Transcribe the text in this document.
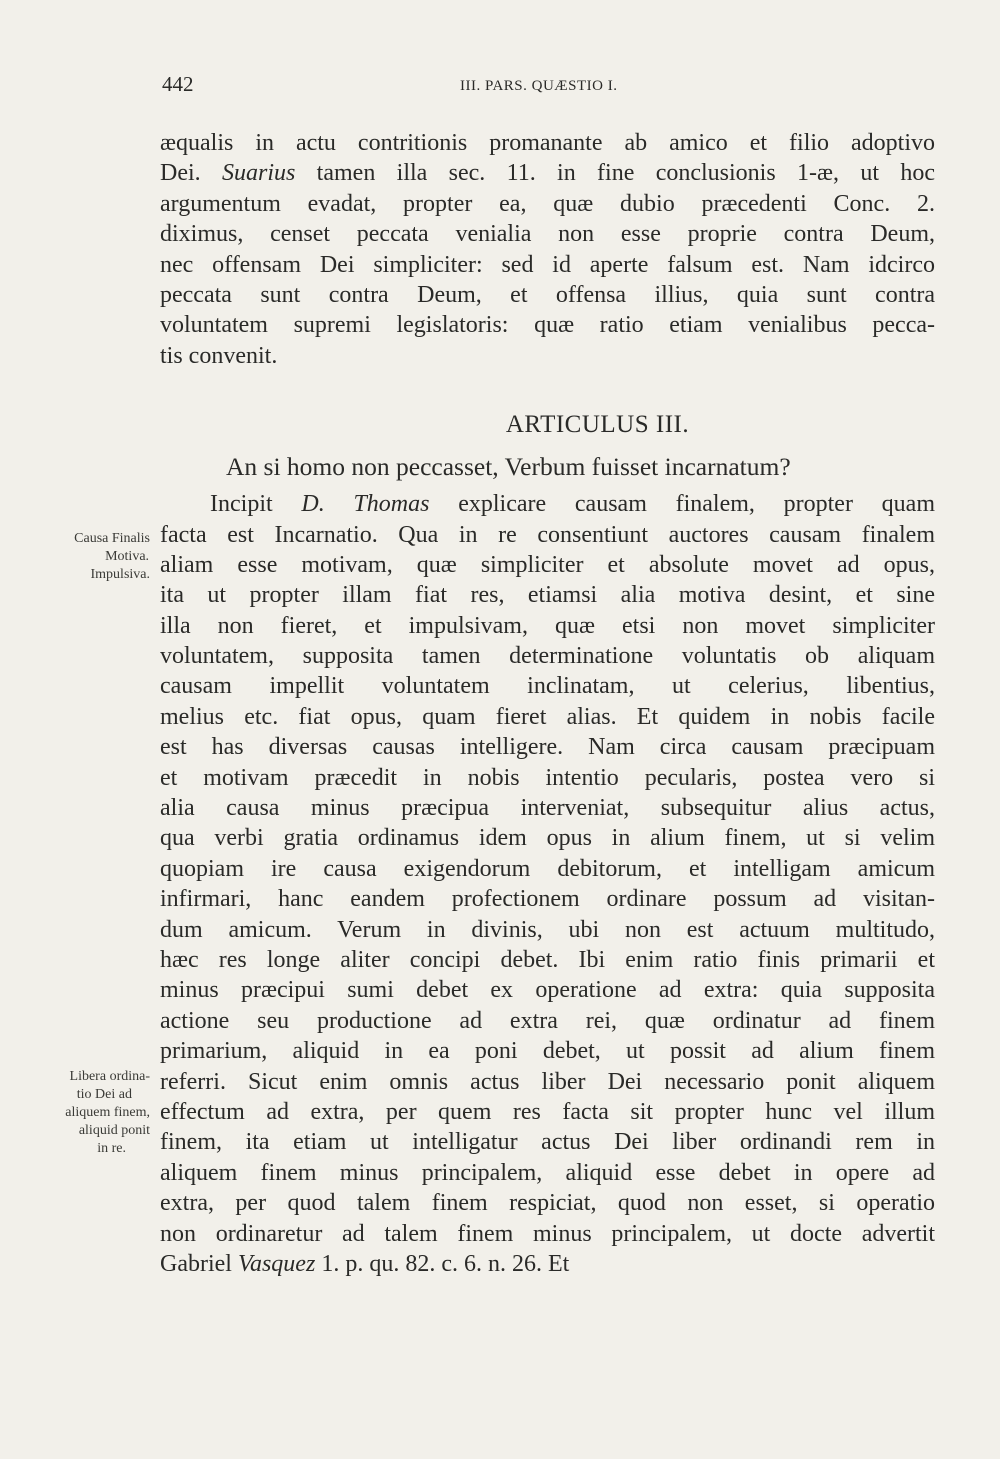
442	III. PARS. QUÆSTIO I.
Causa Finalis
Motiva.
Impulsiva.
Libera ordina-
tio Dei ad
aliquem finem,
aliquid ponit
in re.
æqualis in actu contritionis promanante ab amico et filio adoptivo
Dei. Suarius tamen illa sec. 11. in fine conclusionis 1-æ, ut hoc
argumentum evadat, propter ea, quæ dubio præcedenti Conc. 2.
diximus, censet peccata venialia non esse proprie contra Deum,
nec offensam Dei simpliciter: sed id aperte falsum est. Nam idcirco
peccata sunt contra Deum, et offensa illius, quia sunt contra
voluntatem supremi legislatoris: quæ ratio etiam venialibus pecca-
tis convenit.
ARTICULUS III.
An si homo non peccasset, Verbum fuisset incarnatum?
Incipit D. Thomas explicare causam finalem, propter quam
facta est Incarnatio. Qua in re consentiunt auctores causam finalem
aliam esse motivam, quæ simpliciter et absolute movet ad opus,
ita ut propter illam fiat res, etiamsi alia motiva desint, et sine
illa non fieret, et impulsivam, quæ etsi non movet simpliciter
voluntatem, supposita tamen determinatione voluntatis ob aliquam
causam impellit voluntatem inclinatam, ut celerius, libentius,
melius etc. fiat opus, quam fieret alias. Et quidem in nobis facile
est has diversas causas intelligere. Nam circa causam præcipuam
et motivam præcedit in nobis intentio pecularis, postea vero si
alia causa minus præcipua interveniat, subsequitur alius actus,
qua verbi gratia ordinamus idem opus in alium finem, ut si velim
quopiam ire causa exigendorum debitorum, et intelligam amicum
infirmari, hanc eandem profectionem ordinare possum ad visitan-
dum amicum. Verum in divinis, ubi non est actuum multitudo,
hæc res longe aliter concipi debet. Ibi enim ratio finis primarii et
minus præcipui sumi debet ex operatione ad extra: quia supposita
actione seu productione ad extra rei, quæ ordinatur ad finem
primarium, aliquid in ea poni debet, ut possit ad alium finem
referri. Sicut enim omnis actus liber Dei necessario ponit aliquem
effectum ad extra, per quem res facta sit propter hunc vel illum
finem, ita etiam ut intelligatur actus Dei liber ordinandi rem in
aliquem finem minus principalem, aliquid esse debet in opere ad
extra, per quod talem finem respiciat, quod non esset, si operatio
non ordinaretur ad talem finem minus principalem, ut docte advertit
Gabriel Vasquez 1. p. qu. 82. c. 6. n. 26. Et
